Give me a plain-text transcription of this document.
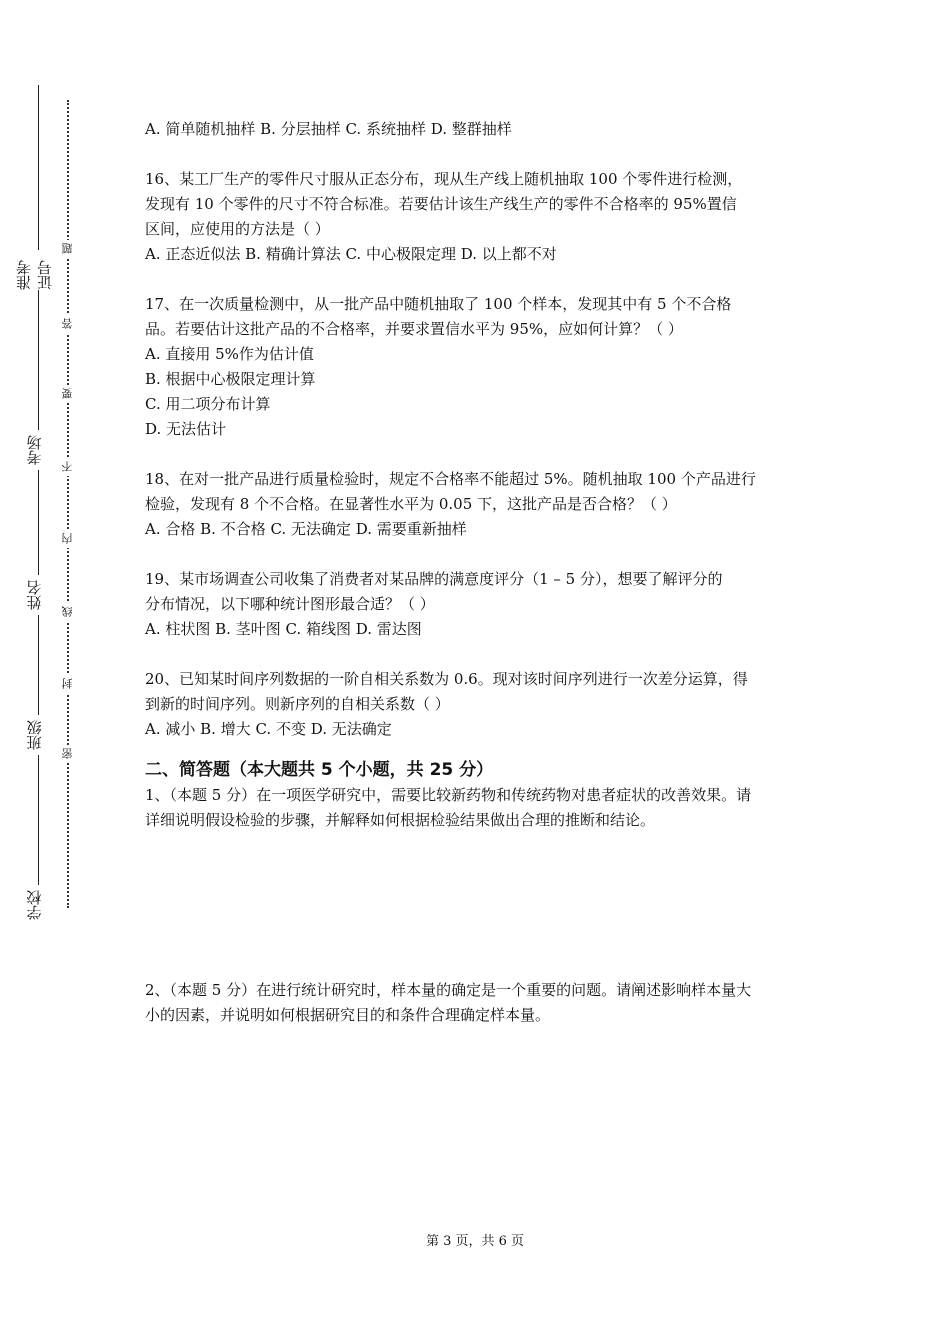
准考证号
考场
姓名
班级
学校
题
答
要
不
内
线
封
密
A. 简单随机抽样 B. 分层抽样 C. 系统抽样 D. 整群抽样
16、某工厂生产的零件尺寸服从正态分布，现从生产线上随机抽取 100 个零件进行检测，
发现有 10 个零件的尺寸不符合标准。若要估计该生产线生产的零件不合格率的 95%置信
区间，应使用的方法是（ ）
A. 正态近似法 B. 精确计算法 C. 中心极限定理 D. 以上都不对
17、在一次质量检测中，从一批产品中随机抽取了 100 个样本，发现其中有 5 个不合格
品。若要估计这批产品的不合格率，并要求置信水平为 95%，应如何计算？（ ）
A. 直接用 5%作为估计值
B. 根据中心极限定理计算
C. 用二项分布计算
D. 无法估计
18、在对一批产品进行质量检验时，规定不合格率不能超过 5%。随机抽取 100 个产品进行
检验，发现有 8 个不合格。在显著性水平为 0.05 下，这批产品是否合格？（ ）
A. 合格 B. 不合格 C. 无法确定 D. 需要重新抽样
19、某市场调查公司收集了消费者对某品牌的满意度评分（1 – 5 分），想要了解评分的
分布情况，以下哪种统计图形最合适？（ ）
A. 柱状图 B. 茎叶图 C. 箱线图 D. 雷达图
20、已知某时间序列数据的一阶自相关系数为 0.6。现对该时间序列进行一次差分运算，得
到新的时间序列。则新序列的自相关系数（ ）
A. 减小 B. 增大 C. 不变 D. 无法确定
二、简答题（本大题共 5 个小题，共 25 分）
1、（本题 5 分）在一项医学研究中，需要比较新药物和传统药物对患者症状的改善效果。请
详细说明假设检验的步骤，并解释如何根据检验结果做出合理的推断和结论。
2、（本题 5 分）在进行统计研究时，样本量的确定是一个重要的问题。请阐述影响样本量大
小的因素，并说明如何根据研究目的和条件合理确定样本量。
第 3 页，共 6 页
